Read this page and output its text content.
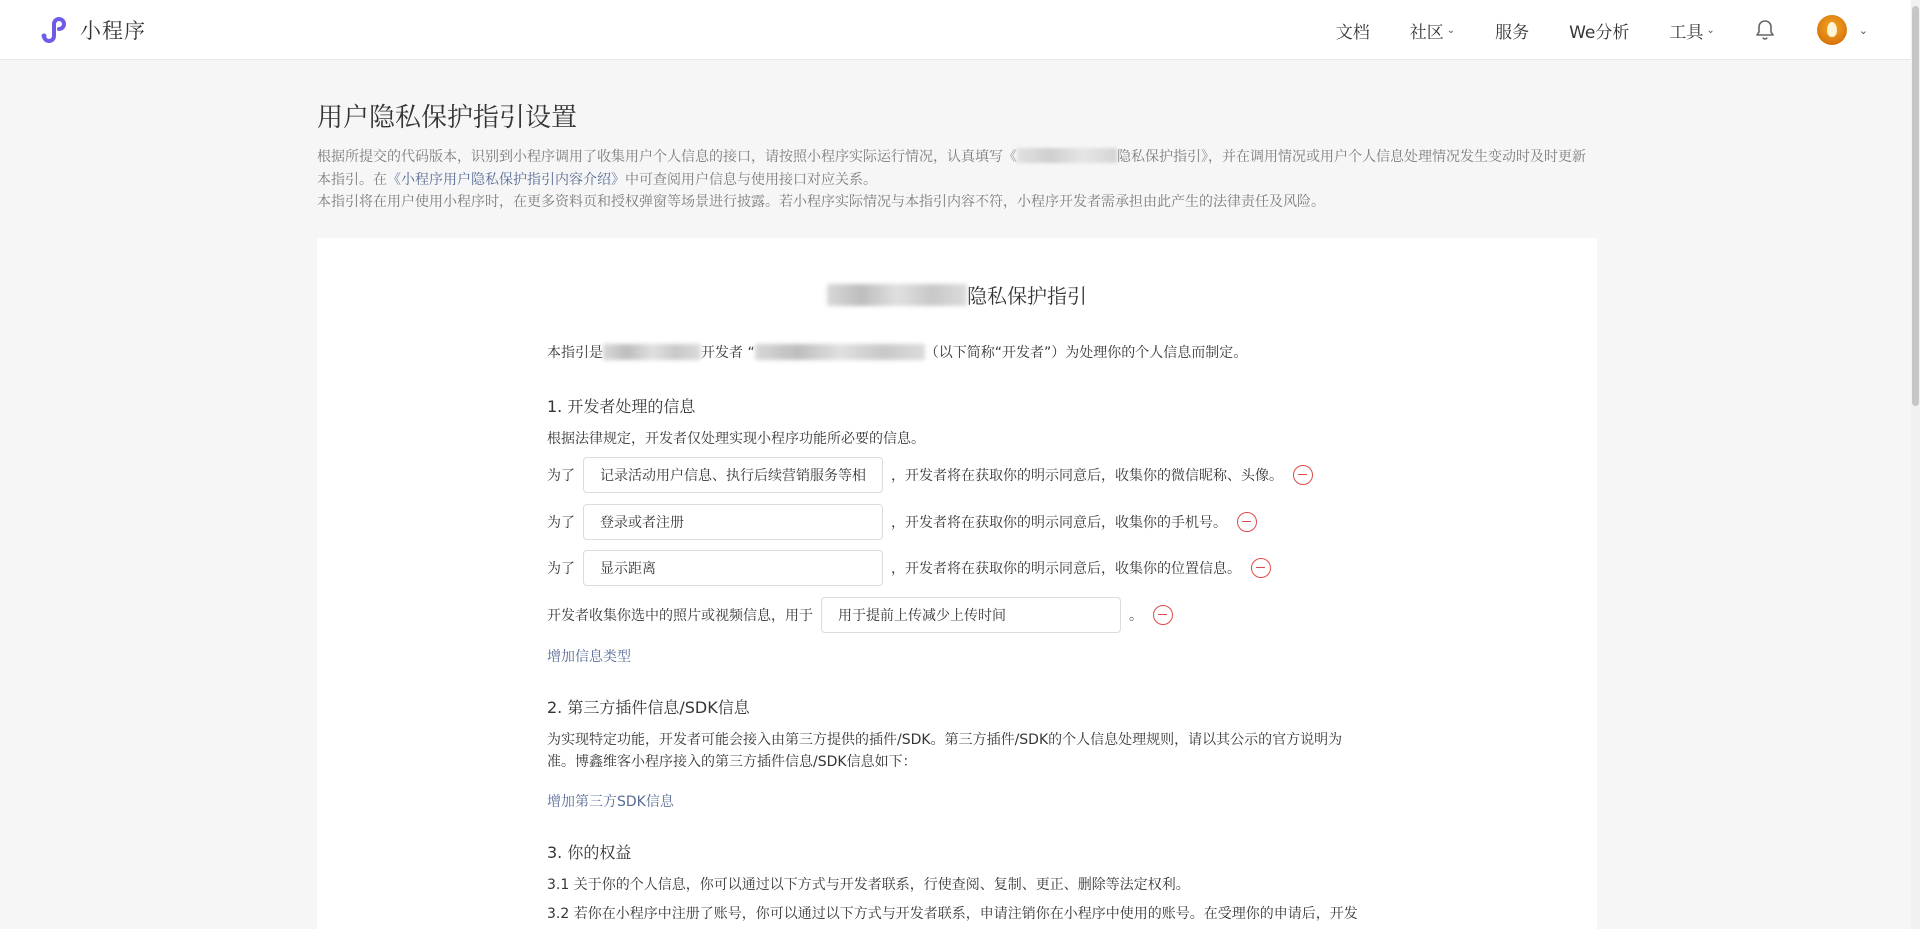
小程序	文档 社区 ⌄ 服务 We分析 工具 ⌄	⌄
用户隐私保护指引设置
根据所提交的代码版本，识别到小程序调用了收集用户个人信息的接口，请按照小程序实际运行情况，认真填写《	隐私保护指引》，并在调用情况或用户个人信息处理情况发生变动时及时更新
本指引。在《小程序用户隐私保护指引内容介绍》中可查阅用户信息与使用接口对应关系。
本指引将在用户使用小程序时，在更多资料页和授权弹窗等场景进行披露。若小程序实际情况与本指引内容不符，小程序开发者需承担由此产生的法律责任及风险。
隐私保护指引
本指引是	开发者 “	（以下简称“开发者”）为处理你的个人信息而制定。
1. 开发者处理的信息
根据法律规定，开发者仅处理实现小程序功能所必要的信息。
为了
记录活动用户信息、执行后续营销服务等相	，开发者将在获取你的明示同意后，收集你的微信昵称、头像。
为了
登录或者注册	，开发者将在获取你的明示同意后，收集你的手机号。
为了
显示距离	，开发者将在获取你的明示同意后，收集你的位置信息。
开发者收集你选中的照片或视频信息，用于
用于提前上传减少上传时间	。
增加信息类型
2. 第三方插件信息/SDK信息
为实现特定功能，开发者可能会接入由第三方提供的插件/SDK。第三方插件/SDK的个人信息处理规则，请以其公示的官方说明为
准。博鑫维客小程序接入的第三方插件信息/SDK信息如下：
增加第三方SDK信息
3. 你的权益
3.1 关于你的个人信息，你可以通过以下方式与开发者联系，行使查阅、复制、更正、删除等法定权利。
3.2 若你在小程序中注册了账号，你可以通过以下方式与开发者联系，申请注销你在小程序中使用的账号。在受理你的申请后，开发
